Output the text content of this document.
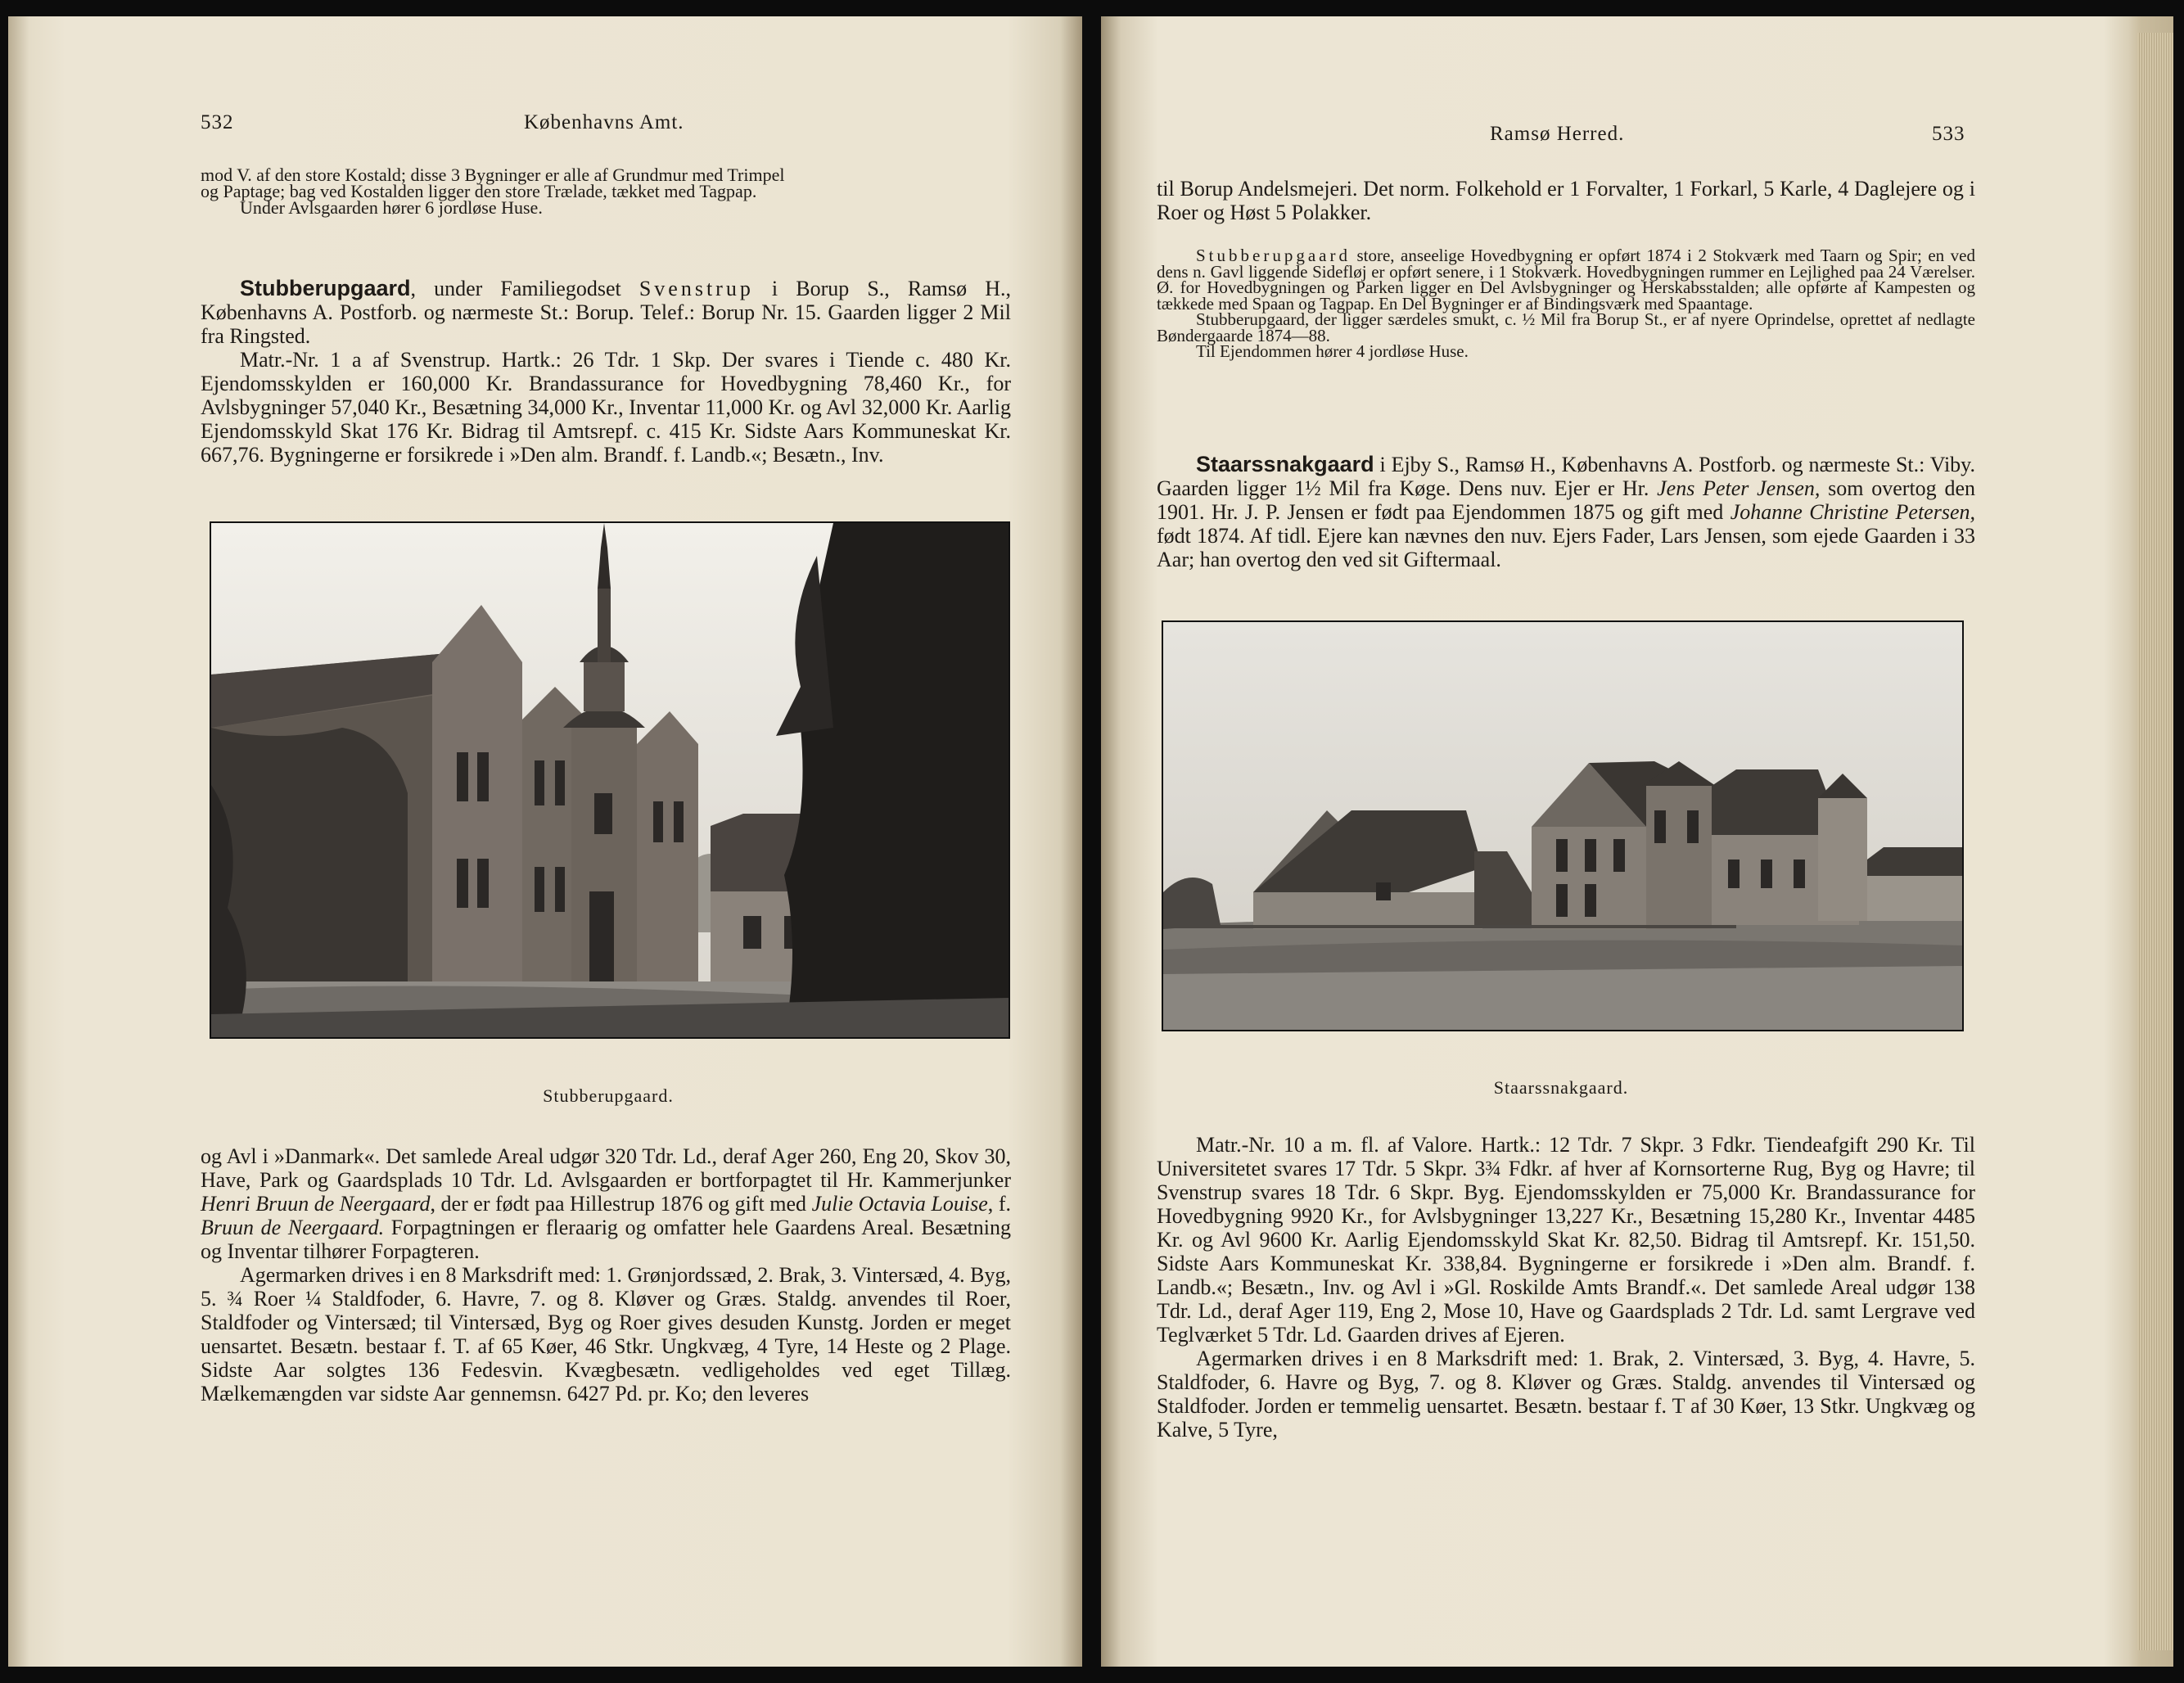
532	Københavns Amt.

mod V. af den store Kostald; disse 3 Bygninger er alle af Grundmur med Trimpel

og Paptage; bag ved Kostalden ligger den store Trælade, tækket med Tagpap.

Under Avlsgaarden hører 6 jordløse Huse.

Stubberupgaard, under Familiegodset Svenstrup i Borup S., Ramsø H., Københavns A. Postforb. og nærmeste St.: Borup. Telef.: Borup Nr. 15. Gaarden ligger 2 Mil fra Ringsted.

Matr.-Nr. 1 a af Svenstrup. Hartk.: 26 Tdr. 1 Skp. Der svares i Tiende c. 480 Kr. Ejendomsskylden er 160,000 Kr. Brandassurance for Hovedbygning 78,460 Kr., for Avlsbygninger 57,040 Kr., Besætning 34,000 Kr., Inventar 11,000 Kr. og Avl 32,000 Kr. Aarlig Ejendomsskyld Skat 176 Kr. Bidrag til Amtsrepf. c. 415 Kr. Sidste Aars Kommuneskat Kr. 667,76. Bygningerne er forsikrede i »Den alm. Brandf. f. Landb.«; Besætn., Inv.

Stubberupgaard.

og Avl i »Danmark«. Det samlede Areal udgør 320 Tdr. Ld., deraf Ager 260, Eng 20, Skov 30, Have, Park og Gaardsplads 10 Tdr. Ld. Avlsgaarden er bortforpagtet til Hr. Kammerjunker Henri Bruun de Neergaard, der er født paa Hillestrup 1876 og gift med Julie Octavia Louise, f. Bruun de Neergaard. Forpagtningen er fleraarig og omfatter hele Gaardens Areal. Besætning og Inventar tilhører Forpagteren.

Agermarken drives i en 8 Marksdrift med: 1. Grønjordssæd, 2. Brak, 3. Vintersæd, 4. Byg, 5. ¾ Roer ¼ Staldfoder, 6. Havre, 7. og 8. Kløver og Græs. Staldg. anvendes til Roer, Staldfoder og Vintersæd; til Vintersæd, Byg og Roer gives desuden Kunstg. Jorden er meget uensartet. Besætn. bestaar f. T. af 65 Køer, 46 Stkr. Ungkvæg, 4 Tyre, 14 Heste og 2 Plage. Sidste Aar solgtes 136 Fedesvin. Kvægbesætn. vedligeholdes ved eget Tillæg. Mælkemængden var sidste Aar gennemsn. 6427 Pd. pr. Ko; den leveres

Ramsø Herred.	533

til Borup Andelsmejeri. Det norm. Folkehold er 1 Forvalter, 1 Forkarl, 5 Karle, 4 Daglejere og i Roer og Høst 5 Polakker.

Stubberupgaard store, anseelige Hovedbygning er opført 1874 i 2 Stokværk med Taarn og Spir; en ved dens n. Gavl liggende Sidefløj er opført senere, i 1 Stokværk. Hovedbygningen rummer en Lejlighed paa 24 Værelser. Ø. for Hovedbygningen og Parken ligger en Del Avlsbygninger og Herskabsstalden; alle opførte af Kampesten og tækkede med Spaan og Tagpap. En Del Bygninger er af Bindingsværk med Spaantage.

Stubberupgaard, der ligger særdeles smukt, c. ½ Mil fra Borup St., er af nyere Oprindelse, oprettet af nedlagte Bøndergaarde 1874—88.

Til Ejendommen hører 4 jordløse Huse.

Staarssnakgaard i Ejby S., Ramsø H., Københavns A. Postforb. og nærmeste St.: Viby. Gaarden ligger 1½ Mil fra Køge. Dens nuv. Ejer er Hr. Jens Peter Jensen, som overtog den 1901. Hr. J. P. Jensen er født paa Ejendommen 1875 og gift med Johanne Christine Petersen, født 1874. Af tidl. Ejere kan nævnes den nuv. Ejers Fader, Lars Jensen, som ejede Gaarden i 33 Aar; han overtog den ved sit Giftermaal.

Staarssnakgaard.

Matr.-Nr. 10 a m. fl. af Valore. Hartk.: 12 Tdr. 7 Skpr. 3 Fdkr. Tiendeafgift 290 Kr. Til Universitetet svares 17 Tdr. 5 Skpr. 3¾ Fdkr. af hver af Kornsorterne Rug, Byg og Havre; til Svenstrup svares 18 Tdr. 6 Skpr. Byg. Ejendomsskylden er 75,000 Kr. Brandassurance for Hovedbygning 9920 Kr., for Avlsbygninger 13,227 Kr., Besætning 15,280 Kr., Inventar 4485 Kr. og Avl 9600 Kr. Aarlig Ejendomsskyld Skat Kr. 82,50. Bidrag til Amtsrepf. Kr. 151,50. Sidste Aars Kommuneskat Kr. 338,84. Bygningerne er forsikrede i »Den alm. Brandf. f. Landb.«; Besætn., Inv. og Avl i »Gl. Roskilde Amts Brandf.«. Det samlede Areal udgør 138 Tdr. Ld., deraf Ager 119, Eng 2, Mose 10, Have og Gaardsplads 2 Tdr. Ld. samt Lergrave ved Teglværket 5 Tdr. Ld. Gaarden drives af Ejeren.

Agermarken drives i en 8 Marksdrift med: 1. Brak, 2. Vintersæd, 3. Byg, 4. Havre, 5. Staldfoder, 6. Havre og Byg, 7. og 8. Kløver og Græs. Staldg. anvendes til Vintersæd og Staldfoder. Jorden er temmelig uensartet. Besætn. bestaar f. T af 30 Køer, 13 Stkr. Ungkvæg og Kalve, 5 Tyre,
